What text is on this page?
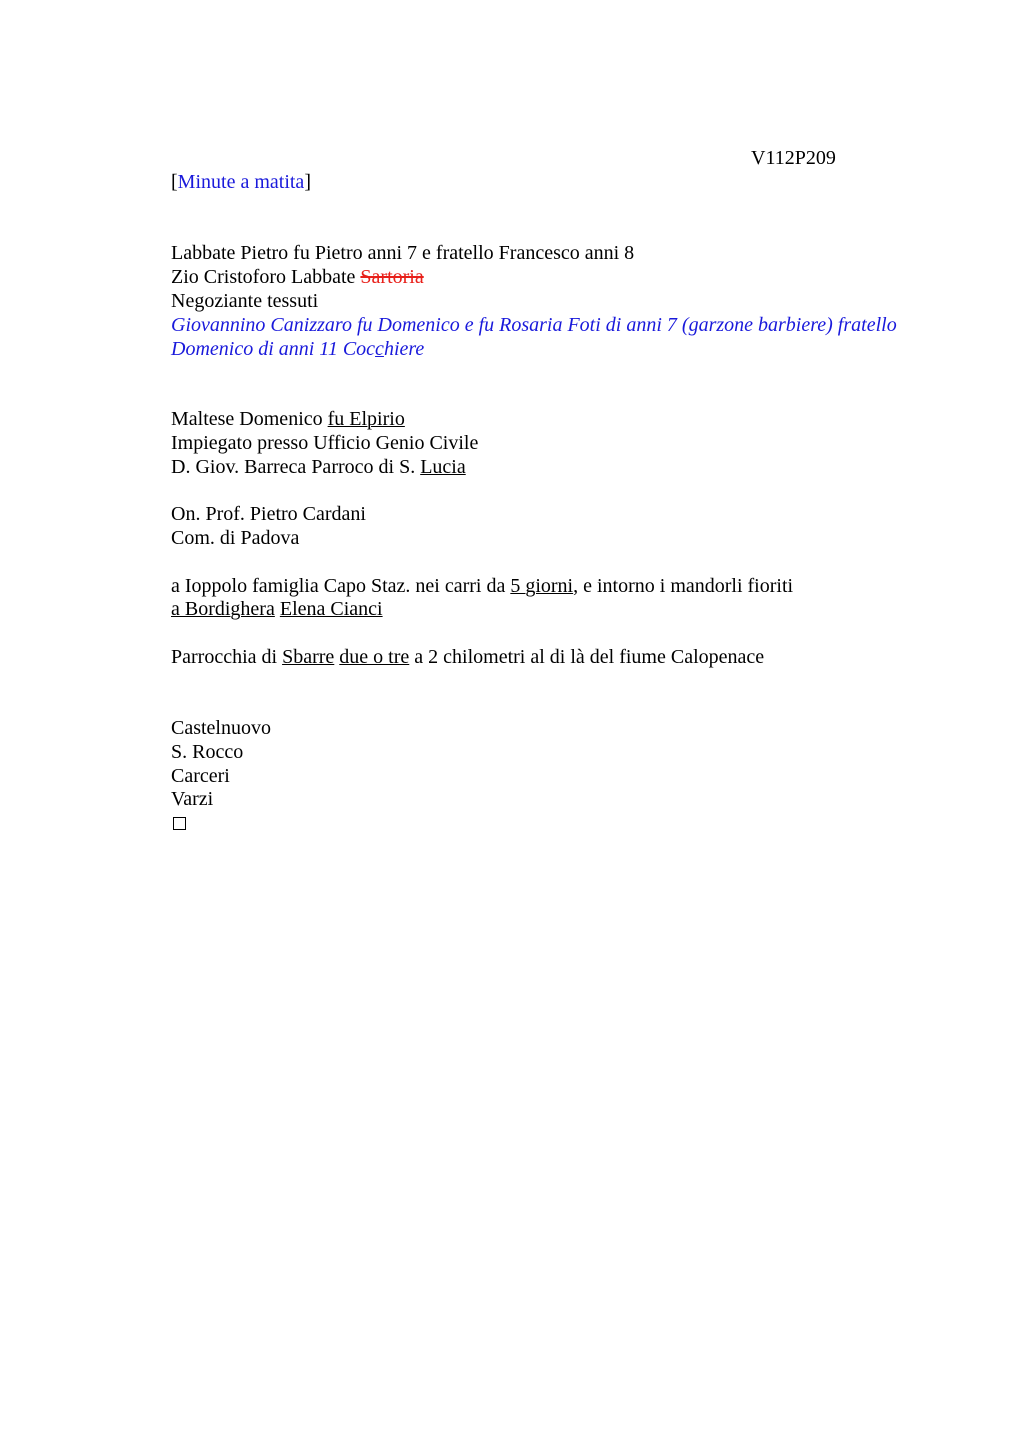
V112P209
[Minute a matita]
Labbate Pietro fu Pietro anni 7 e fratello Francesco anni 8
Zio Cristoforo Labbate Sartoria
Negoziante tessuti
Giovannino Canizzaro fu Domenico e fu Rosaria Foti di anni 7 (garzone barbiere) fratello
Domenico di anni 11 Cocchiere
Maltese Domenico fu Elpirio
Impiegato presso Ufficio Genio Civile
D. Giov. Barreca Parroco di S. Lucia
On. Prof. Pietro Cardani
Com. di Padova
a Ioppolo famiglia Capo Staz. nei carri da 5 giorni, e intorno i mandorli fioriti
a Bordighera Elena Cianci
Parrocchia di Sbarre due o tre a 2 chilometri al di là del fiume Calopenace
Castelnuovo
S. Rocco
Carceri
Varzi
